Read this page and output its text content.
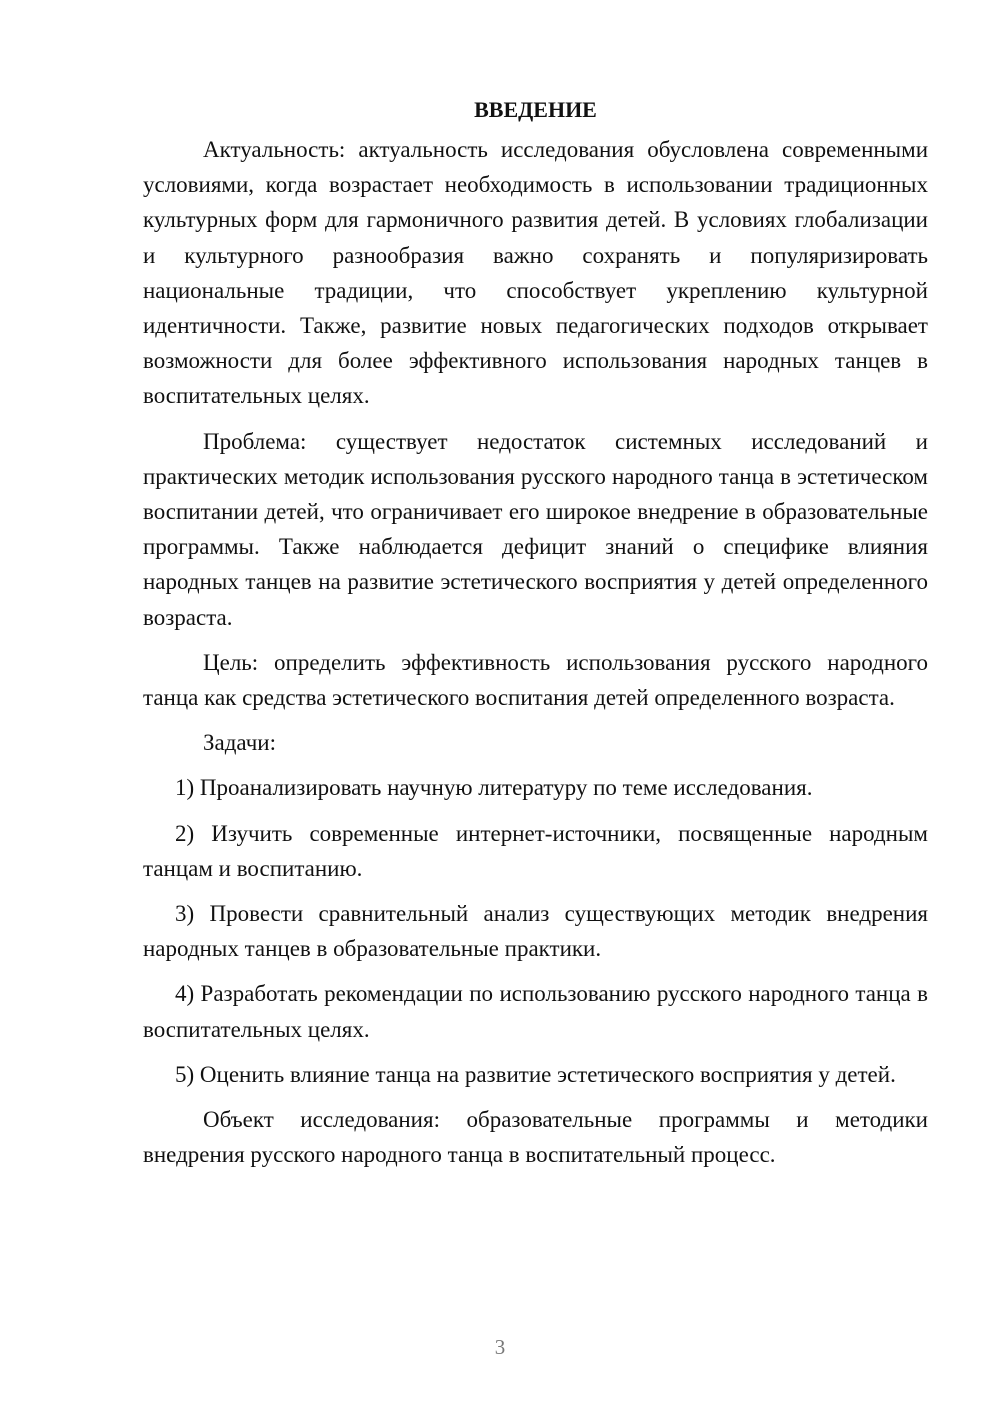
ВВЕДЕНИЕ

Актуальность: актуальность исследования обусловлена современными условиями, когда возрастает необходимость в использовании традиционных культурных форм для гармоничного развития детей. В условиях глобализации и культурного разнообразия важно сохранять и популяризировать национальные традиции, что способствует укреплению культурной идентичности. Также, развитие новых педагогических подходов открывает возможности для более эффективного использования народных танцев в воспитательных целях.

Проблема: существует недостаток системных исследований и практических методик использования русского народного танца в эстетическом воспитании детей, что ограничивает его широкое внедрение в образовательные программы. Также наблюдается дефицит знаний о специфике влияния народных танцев на развитие эстетического восприятия у детей определенного возраста.

Цель: определить эффективность использования русского народного танца как средства эстетического воспитания детей определенного возраста.

Задачи:

1) Проанализировать научную литературу по теме исследования.

2) Изучить современные интернет-источники, посвященные народным танцам и воспитанию.

3) Провести сравнительный анализ существующих методик внедрения народных танцев в образовательные практики.

4) Разработать рекомендации по использованию русского народного танца в воспитательных целях.

5) Оценить влияние танца на развитие эстетического восприятия у детей.

Объект исследования: образовательные программы и методики внедрения русского народного танца в воспитательный процесс.

3
